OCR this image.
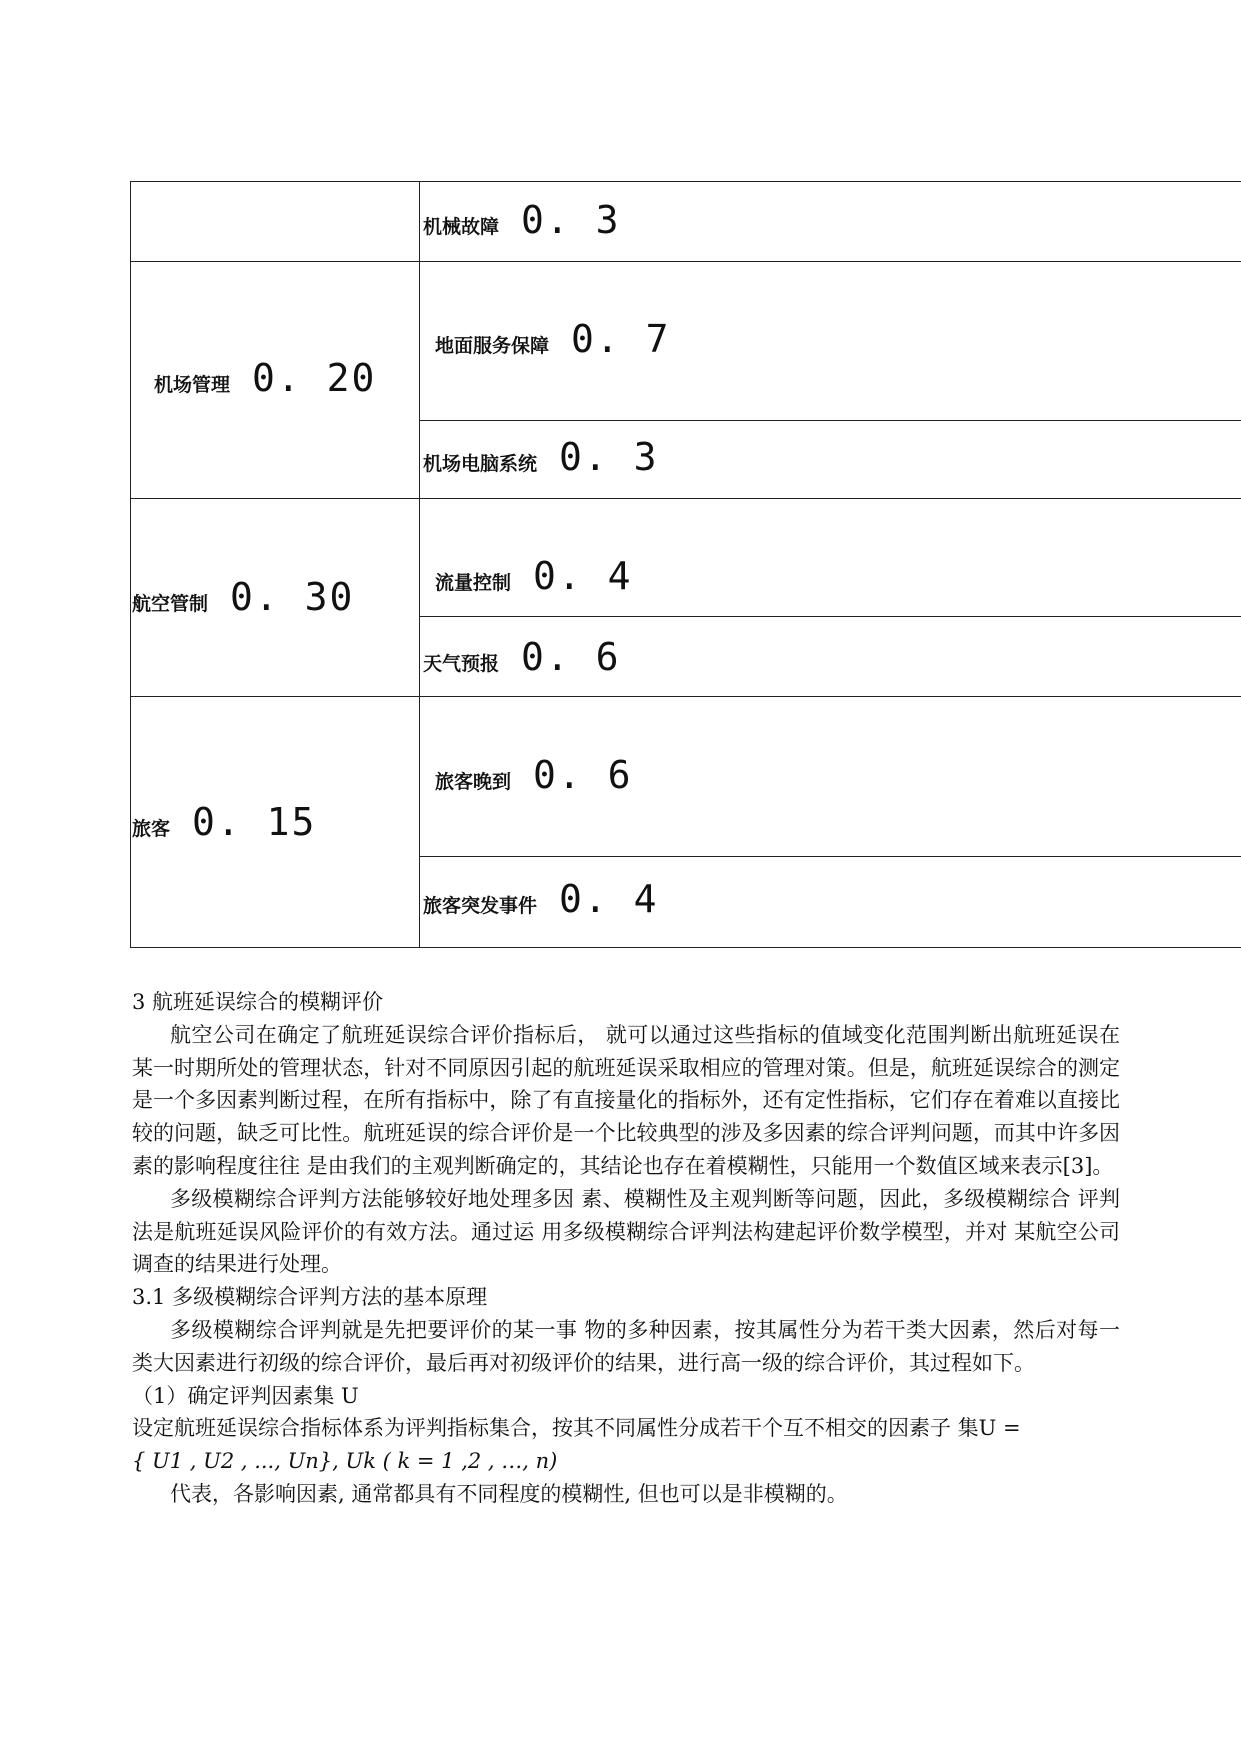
机械故障 0. 3
机场管理 0. 20
地面服务保障 0. 7
机场电脑系统 0. 3
航空管制 0. 30	流量控制 0. 4
天气预报 0. 6
旅客 0. 15
旅客晚到 0. 6
旅客突发事件 0. 4

3 航班延误综合的模糊评价

航空公司在确定了航班延误综合评价指标后， 就可以通过这些指标的值域变化范围判断出航班延误在某一时期所处的管理状态，针对不同原因引起的航班延误采取相应的管理对策。但是，航班延误综合的测定是一个多因素判断过程，在所有指标中，除了有直接量化的指标外，还有定性指标，它们存在着难以直接比较的问题，缺乏可比性。航班延误的综合评价是一个比较典型的涉及多因素的综合评判问题，而其中许多因素的影响程度往往 是由我们的主观判断确定的，其结论也存在着模糊性，只能用一个数值区域来表示[3]。

多级模糊综合评判方法能够较好地处理多因 素、模糊性及主观判断等问题，因此，多级模糊综合 评判法是航班延误风险评价的有效方法。通过运 用多级模糊综合评判法构建起评价数学模型，并对 某航空公司调查的结果进行处理。

3.1 多级模糊综合评判方法的基本原理

多级模糊综合评判就是先把要评价的某一事 物的多种因素，按其属性分为若干类大因素，然后对每一类大因素进行初级的综合评价，最后再对初级评价的结果，进行高一级的综合评价，其过程如下。

（1）确定评判因素集 U

设定航班延误综合指标体系为评判指标集合，按其不同属性分成若干个互不相交的因素子 集U =

{ U1 , U2 , ..., Un}, Uk ( k = 1 ,2 , …, n)

代表，各影响因素, 通常都具有不同程度的模糊性, 但也可以是非模糊的。
